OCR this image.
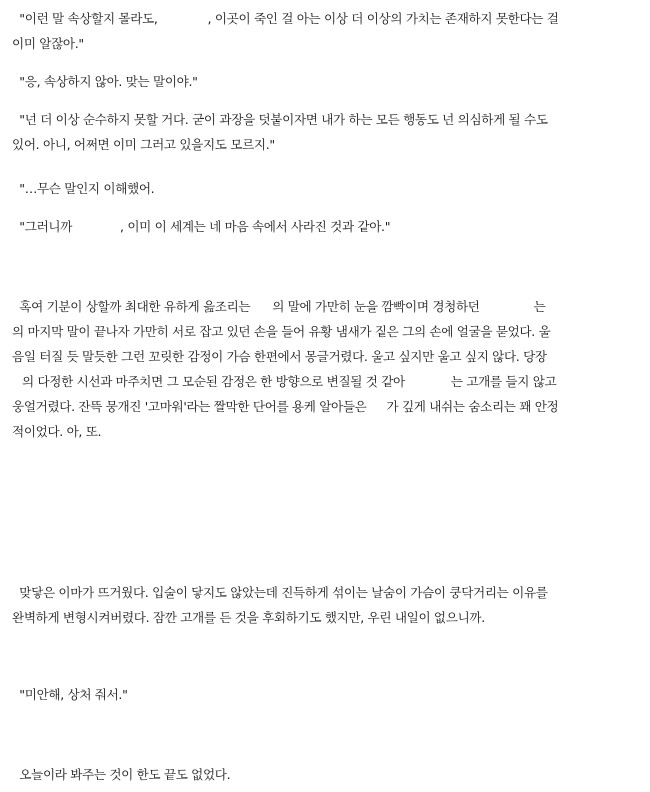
"이런 말 속상할지 몰라도,	, 이곳이 죽인 걸 아는 이상 더 이상의 가치는 존재하지 못한다는 걸
이미 알잖아."

"응, 속상하지 않아. 맞는 말이야."

"넌 더 이상 순수하지 못할 거다. 굳이 과장을 덧붙이자면 내가 하는 모든 행동도 넌 의심하게 될 수도
있어. 아니, 어쩌면 이미 그러고 있을지도 모르지."

"…무슨 말인지 이해했어.

"그러니까	, 이미 이 세계는 네 마음 속에서 사라진 것과 같아."

혹여 기분이 상할까 최대한 유하게 읊조리는 의 말에 가만히 눈을 깜빡이며 경청하던	는
의 마지막 말이 끝나자 가만히 서로 잡고 있던 손을 들어 유황 냄새가 짙은 그의 손에 얼굴을 묻었다. 울
음일 터질 듯 말듯한 그런 꼬릿한 감정이 가슴 한편에서 몽글거렸다. 울고 싶지만 울고 싶지 않다. 당장
의 다정한 시선과 마주치면 그 모순된 감정은 한 방향으로 변질될 것 같아	는 고개를 들지 않고
웅얼거렸다. 잔뜩 뭉개진 '고마워'라는 짤막한 단어를 용케 알아들은 가 깊게 내쉬는 숨소리는 꽤 안정
적이었다. 아, 또.

맞닿은 이마가 뜨거웠다. 입술이 닿지도 않았는데 진득하게 섞이는 날숨이 가슴이 쿵닥거리는 이유를
완벽하게 변형시켜버렸다. 잠깐 고개를 든 것을 후회하기도 했지만, 우린 내일이 없으니까.

"미안해, 상처 줘서."

오늘이라 봐주는 것이 한도 끝도 없었다.
